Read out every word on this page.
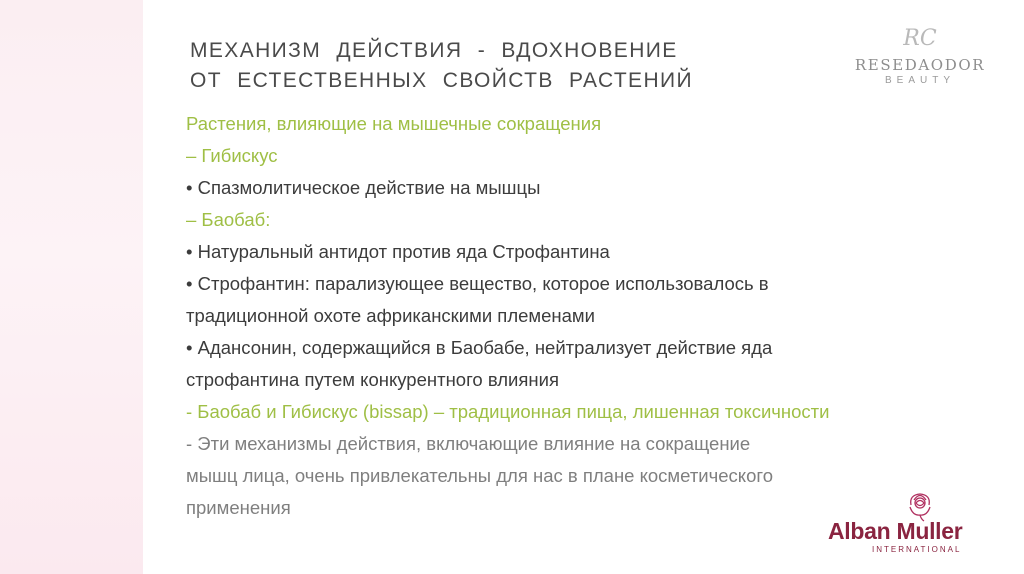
МЕХАНИЗМ ДЕЙСТВИЯ - ВДОХНОВЕНИЕ
ОТ ЕСТЕСТВЕННЫХ СВОЙСТВ РАСТЕНИЙ
RC
RESEDAODOR
BEAUTY
Растения, влияющие на мышечные сокращения
– Гибискус
• Спазмолитическое действие на мышцы
– Баобаб:
• Натуральный антидот против яда Строфантина
• Строфантин: парализующее вещество, которое использовалось в
традиционной охоте африканскими племенами
• Адансонин, содержащийся в Баобабе, нейтрализует действие яда
строфантина путем конкурентного влияния
- Баобаб и Гибискус (bissap) – традиционная пища, лишенная токсичности
- Эти механизмы действия, включающие влияние на сокращение
мышц лица, очень привлекательны для нас в плане косметического
применения
Alban Muller
INTERNATIONAL
